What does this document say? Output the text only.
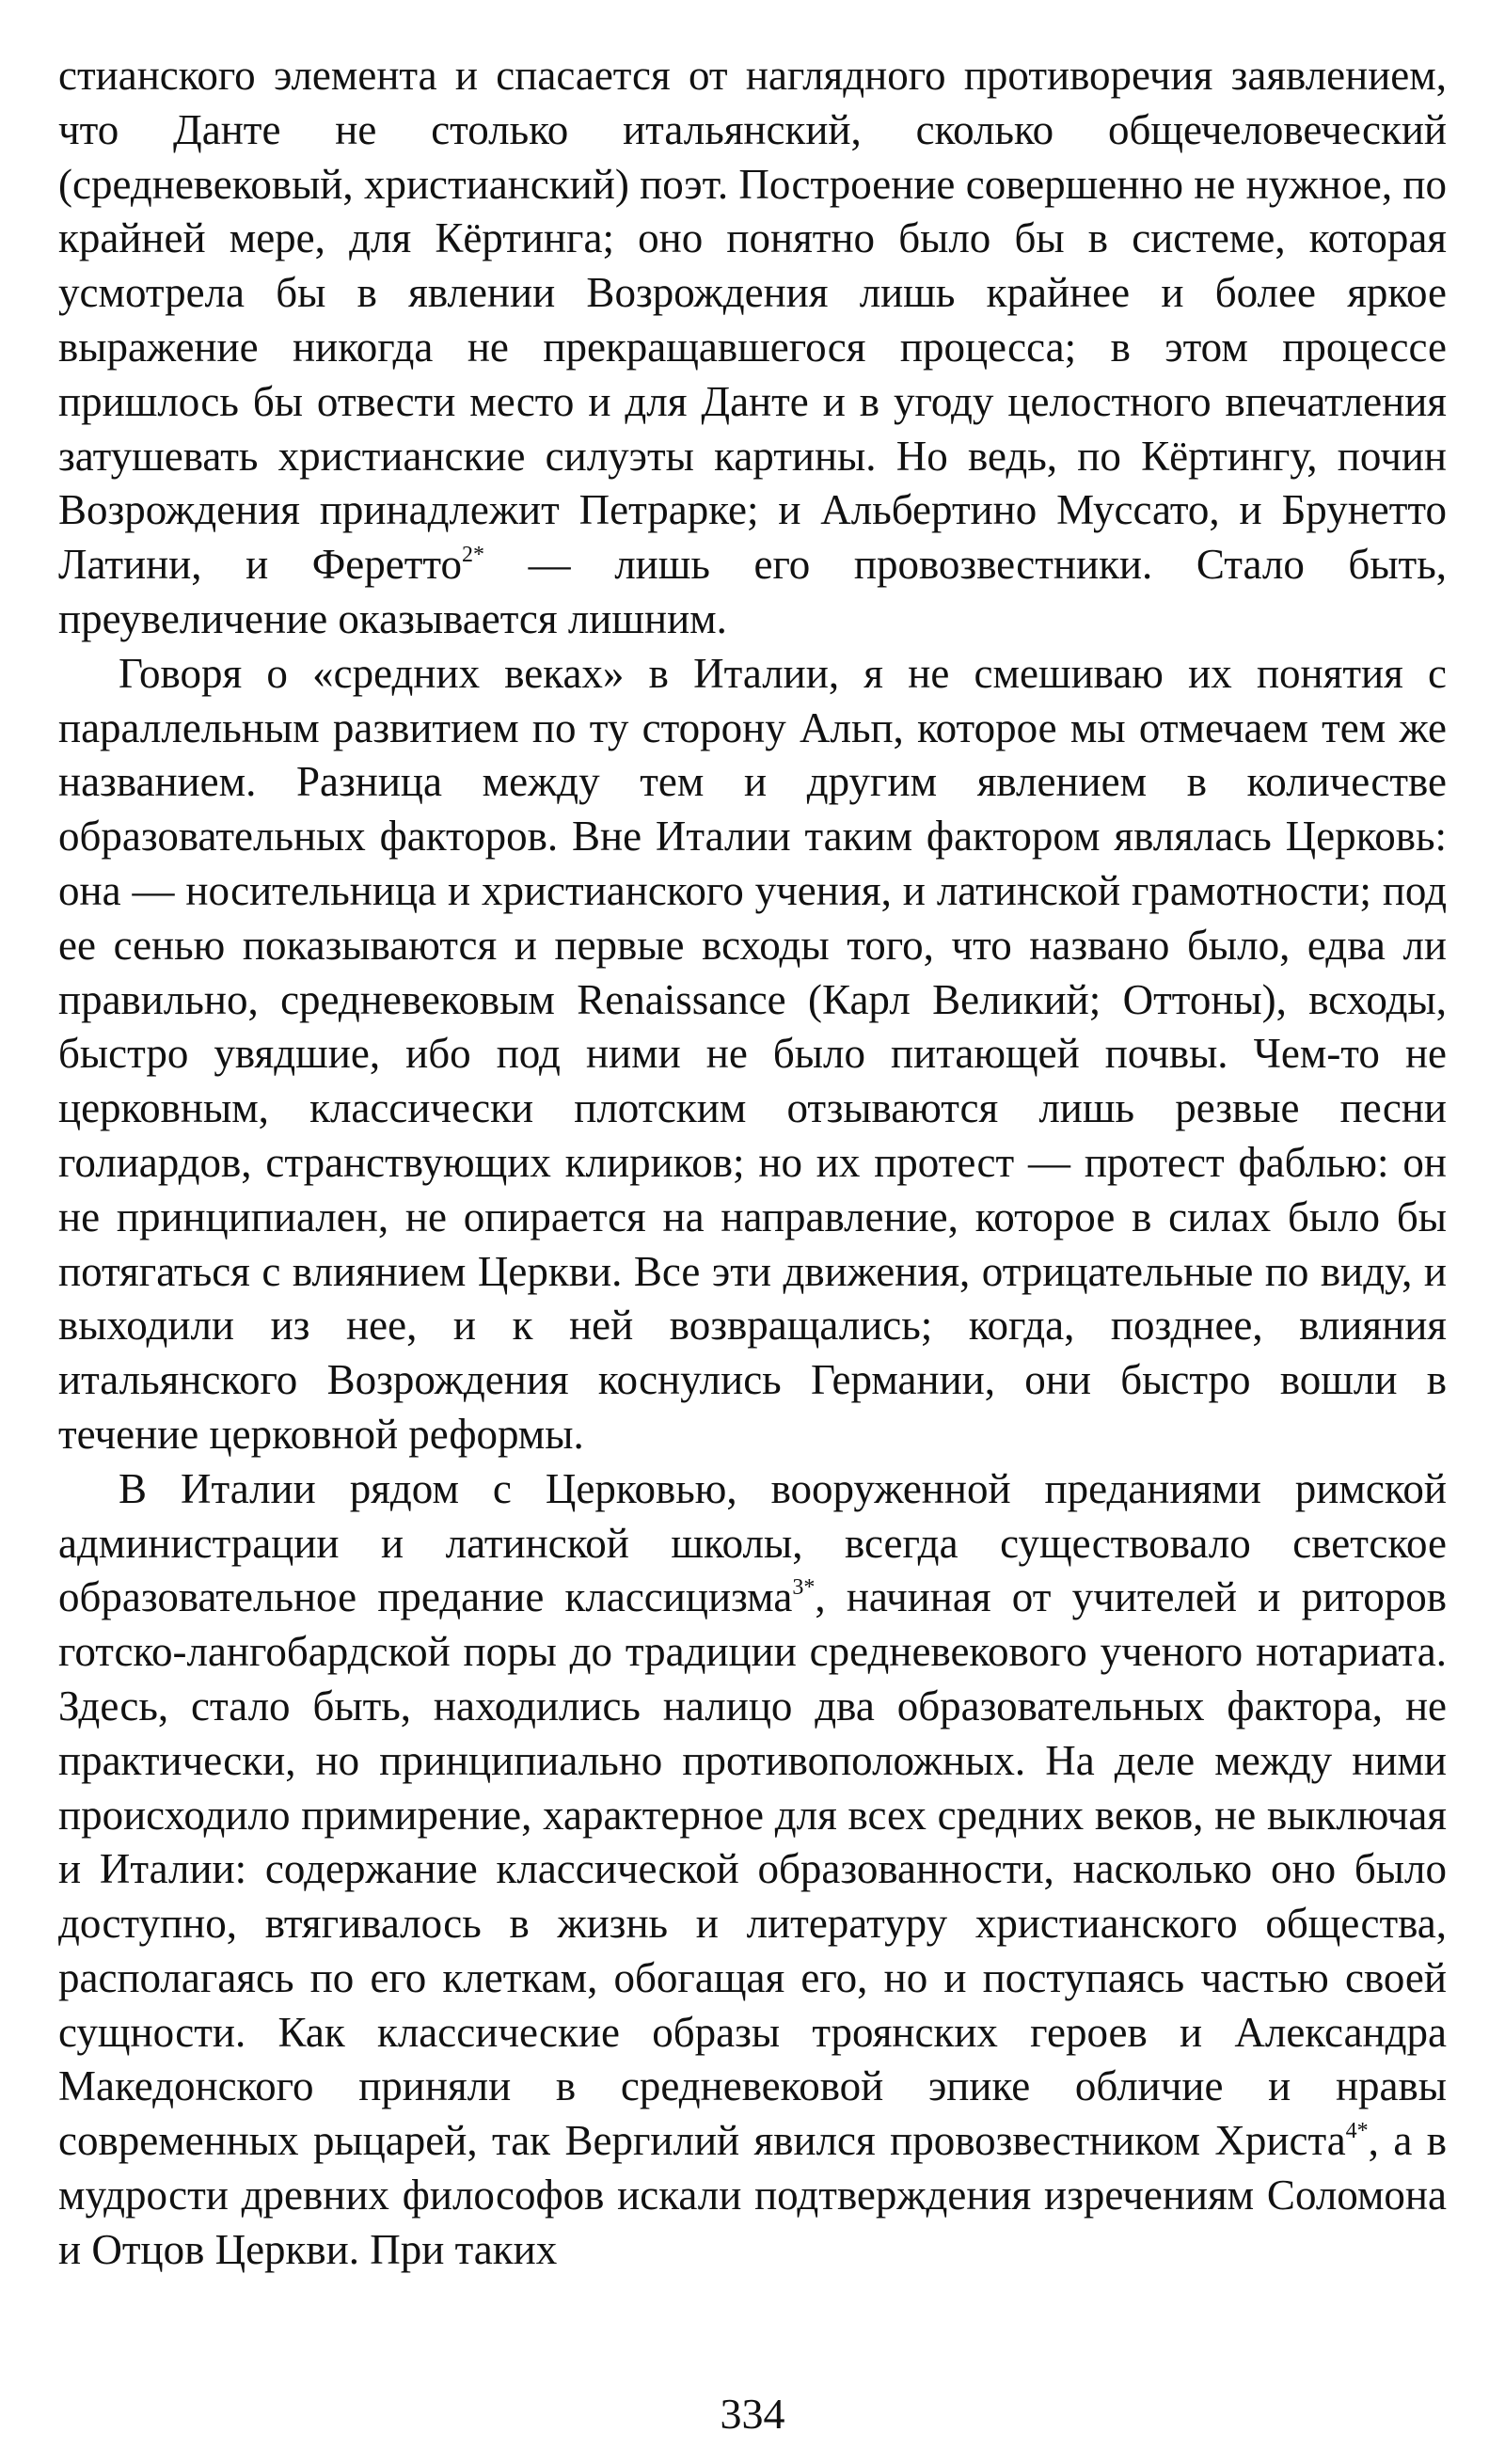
стианского элемента и спасается от наглядного противоречия заявлением, что Данте не столько итальянский, сколько общечеловеческий (средневековый, христианский) поэт. Построение совершенно не нужное, по крайней мере, для Кёртинга; оно понятно было бы в системе, которая усмотрела бы в явлении Возрождения лишь крайнее и более яркое выражение никогда не прекращавшегося процесса; в этом процессе пришлось бы отвести место и для Данте и в угоду целостного впечатления затушевать христианские силуэты картины. Но ведь, по Кёртингу, почин Возрождения принадлежит Петрарке; и Альбертино Муссато, и Брунетто Латини, и Феретто$^{2*}$ — лишь его провозвестники. Стало быть, преувеличение оказывается лишним.

Говоря о «средних веках» в Италии, я не смешиваю их понятия с параллельным развитием по ту сторону Альп, которое мы отмечаем тем же названием. Разница между тем и другим явлением в количестве образовательных факторов. Вне Италии таким фактором являлась Церковь: она — носительница и христианского учения, и латинской грамотности; под ее сенью показываются и первые всходы того, что названо было, едва ли правильно, средневековым Renaissance (Карл Великий; Оттоны), всходы, быстро увядшие, ибо под ними не было питающей почвы. Чем-то не церковным, классически плотским отзываются лишь резвые песни голиардов, странствующих клириков; но их протест — протест фаблью: он не принципиален, не опирается на направление, которое в силах было бы потягаться с влиянием Церкви. Все эти движения, отрицательные по виду, и выходили из нее, и к ней возвращались; когда, позднее, влияния итальянского Возрождения коснулись Германии, они быстро вошли в течение церковной реформы.

В Италии рядом с Церковью, вооруженной преданиями римской администрации и латинской школы, всегда существовало светское образовательное предание классицизма$^{3*}$, начиная от учителей и риторов готско-лангобардской поры до традиции средневекового ученого нотариата. Здесь, стало быть, находились налицо два образовательных фактора, не практически, но принципиально противоположных. На деле между ними происходило примирение, характерное для всех средних веков, не выключая и Италии: содержание классической образованности, насколько оно было доступно, втягивалось в жизнь и литературу христианского общества, располагаясь по его клеткам, обогащая его, но и поступаясь частью своей сущности. Как классические образы троянских героев и Александра Македонского приняли в средневековой эпике обличие и нравы современных рыцарей, так Вергилий явился провозвестником Христа$^{4*}$, а в мудрости древних философов искали подтверждения изречениям Соломона и Отцов Церкви. При таких

334
